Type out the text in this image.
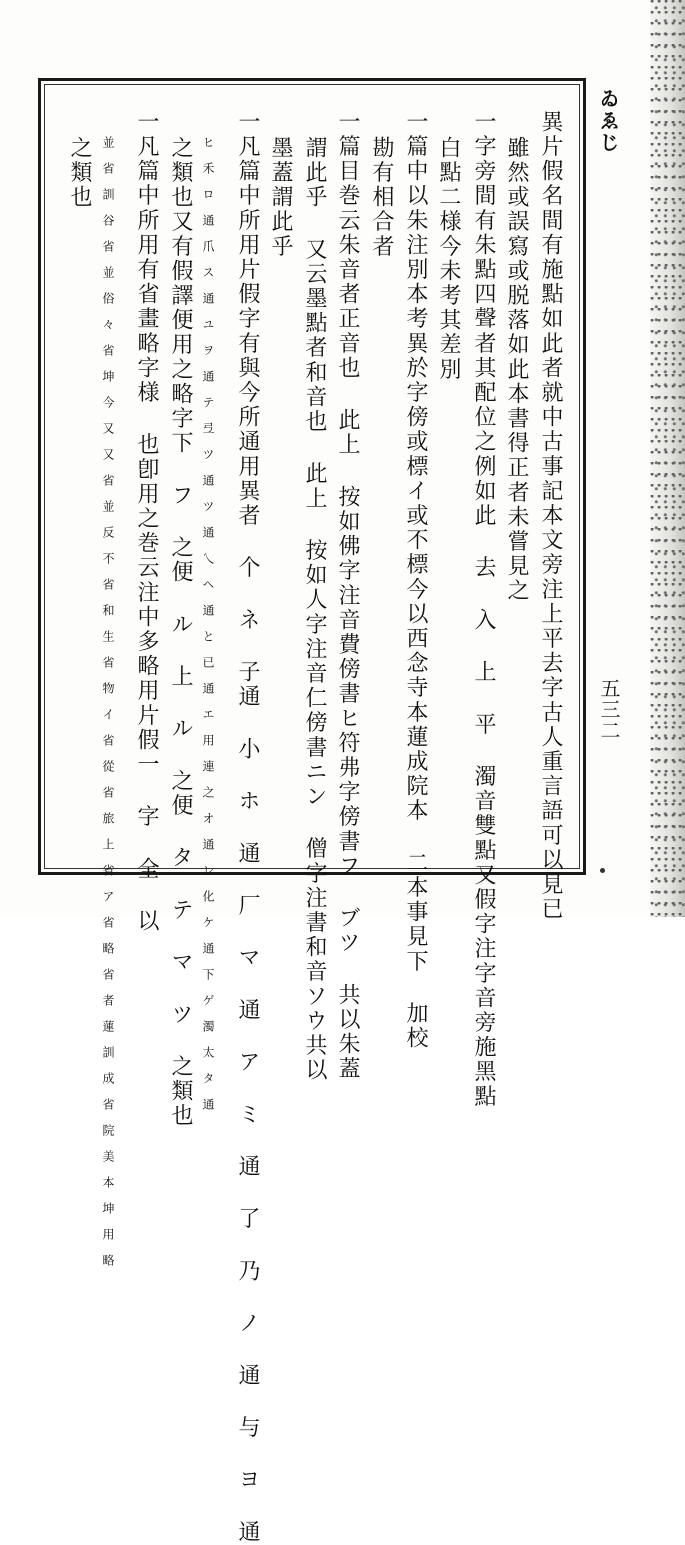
ゐゑじ
五三二
異片假名間有施點如此者就中古事記本文旁注上平去字古人重言語可以見已
雖然或誤寫或脱落如此本書得正者未嘗見之
一字旁間有朱點四聲者其配位之例如此 去 入 上 平 濁音雙點又假字注字音旁施黑點
白點二様今未考其差別
一篇中以朱注別本考異於字傍或標イ或不標今以西念寺本蓮成院本 二本事見下 加校
勘有相合者
一篇目巻云朱音者正音也 此上 按如佛字注音費傍書ヒ符弗字傍書フ ブツ 共以朱蓋
謂此乎 又云墨點者和音也 此上 按如人字注音仁傍書ニン 僧字注書和音ソウ共以
墨蓋謂此乎
一凡篇中所用片假字有與今所通用異者 个 ネ 子通 小 ホ 通 厂 マ 通 ア ミ 通 了 乃 ノ 通 与 ヨ 通
ヒ 禾 ロ 通 爪 ス 通 ユ ヲ 通 テ 弖 ツ 通 ツ 通 乀 ヘ 通 と 已 通 エ 用 連 之 オ 通 レ 化 ケ 通 下 ゲ 濁 太 タ 通
之類也又有假譯便用之略字下 フ 之便 ル 上 ル 之便 タ テ マ ツ 之類也
一凡篇中所用有省畫略字様 也卽用之巻云注中多略用片假一 字 全 以
並 省 訓 谷 省 並 俗 々 省 坤 今 又 又 省 並 反 不 省 和 生 省 物 イ 省 從 省 旅 上 省 ア 省 略 省 者 蓮 訓 成 省 院 美 本 坤 用 略
之類也
